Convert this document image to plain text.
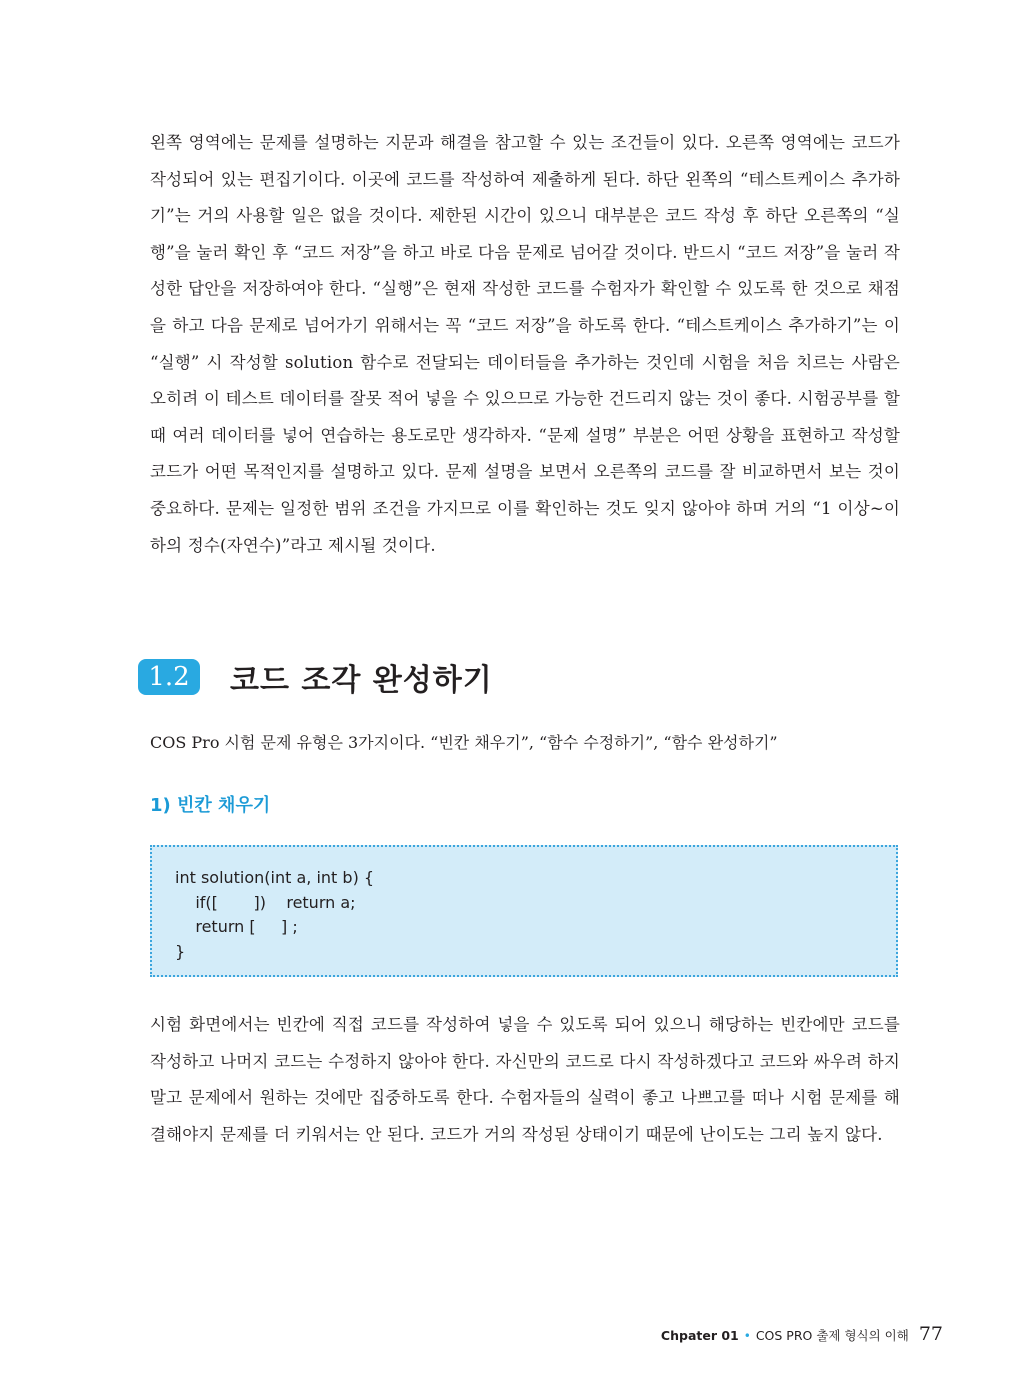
왼쪽 영역에는 문제를 설명하는 지문과 해결을 참고할 수 있는 조건들이 있다. 오른쪽 영역에는 코드가 작성되어 있는 편집기이다. 이곳에 코드를 작성하여 제출하게 된다. 하단 왼쪽의 “테스트케이스 추가하기”는 거의 사용할 일은 없을 것이다. 제한된 시간이 있으니 대부분은 코드 작성 후 하단 오른쪽의 “실행”을 눌러 확인 후 “코드 저장”을 하고 바로 다음 문제로 넘어갈 것이다. 반드시 “코드 저장”을 눌러 작성한 답안을 저장하여야 한다. “실행”은 현재 작성한 코드를 수험자가 확인할 수 있도록 한 것으로 채점을 하고 다음 문제로 넘어가기 위해서는 꼭 “코드 저장”을 하도록 한다. “테스트케이스 추가하기”는 이 “실행” 시 작성할 solution 함수로 전달되는 데이터들을 추가하는 것인데 시험을 처음 치르는 사람은 오히려 이 테스트 데이터를 잘못 적어 넣을 수 있으므로 가능한 건드리지 않는 것이 좋다. 시험공부를 할 때 여러 데이터를 넣어 연습하는 용도로만 생각하자. “문제 설명” 부분은 어떤 상황을 표현하고 작성할 코드가 어떤 목적인지를 설명하고 있다. 문제 설명을 보면서 오른쪽의 코드를 잘 비교하면서 보는 것이 중요하다. 문제는 일정한 범위 조건을 가지므로 이를 확인하는 것도 잊지 않아야 하며 거의 “1 이상~이하의 정수(자연수)”라고 제시될 것이다.
1.2	코드 조각 완성하기
COS Pro 시험 문제 유형은 3가지이다. “빈칸 채우기”, “함수 수정하기”, “함수 완성하기”
1) 빈칸 채우기
int solution(int a, int b) {
if([       ])    return a;
return [     ] ;
}
시험 화면에서는 빈칸에 직접 코드를 작성하여 넣을 수 있도록 되어 있으니 해당하는 빈칸에만 코드를 작성하고 나머지 코드는 수정하지 않아야 한다. 자신만의 코드로 다시 작성하겠다고 코드와 싸우려 하지 말고 문제에서 원하는 것에만 집중하도록 한다. 수험자들의 실력이 좋고 나쁘고를 떠나 시험 문제를 해결해야지 문제를 더 키워서는 안 된다. 코드가 거의 작성된 상태이기 때문에 난이도는 그리 높지 않다.
Chpater 01 • COS PRO 출제 형식의 이해 77
